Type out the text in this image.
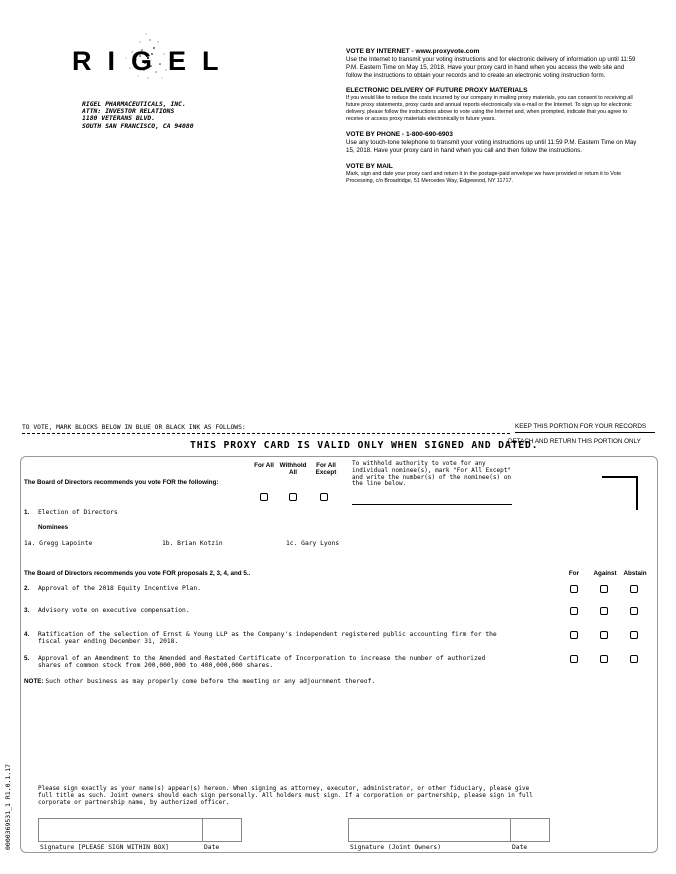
RIGEL
RIGEL PHARMACEUTICALS, INC.
ATTN: INVESTOR RELATIONS
1180 VETERANS BLVD.
SOUTH SAN FRANCISCO, CA 94080
VOTE BY INTERNET - www.proxyvote.com

Use the Internet to transmit your voting instructions and for electronic delivery of information up until 11:59 P.M. Eastern Time on May 15, 2018. Have your proxy card in hand when you access the web site and follow the instructions to obtain your records and to create an electronic voting instruction form.

ELECTRONIC DELIVERY OF FUTURE PROXY MATERIALS

If you would like to reduce the costs incurred by our company in mailing proxy materials, you can consent to receiving all future proxy statements, proxy cards and annual reports electronically via e-mail or the Internet. To sign up for electronic delivery, please follow the instructions above to vote using the Internet and, when prompted, indicate that you agree to receive or access proxy materials electronically in future years.

VOTE BY PHONE - 1-800-690-6903

Use any touch-tone telephone to transmit your voting instructions up until 11:59 P.M. Eastern Time on May 15, 2018. Have your proxy card in hand when you call and then follow the instructions.

VOTE BY MAIL

Mark, sign and date your proxy card and return it in the postage-paid envelope we have provided or return it to Vote Processing, c/o Broadridge, 51 Mercedes Way, Edgewood, NY 11717.

TO VOTE, MARK BLOCKS BELOW IN BLUE OR BLACK INK AS FOLLOWS:	KEEP THIS PORTION FOR YOUR RECORDS
DETACH AND RETURN THIS PORTION ONLY
THIS PROXY CARD IS VALID ONLY WHEN SIGNED AND DATED.
The Board of Directors recommends you vote FOR the following:
For All Withhold All
For All Except
To withhold authority to vote for any individual nominee(s), mark "For All Except" and write the number(s) of the nominee(s) on the line below.
1. Election of Directors
Nominees
1a. Gregg Lapointe	1b. Brian Kotzin	1c. Gary Lyons
The Board of Directors recommends you vote FOR proposals 2, 3, 4, and 5..	For	Against	Abstain
2. Approval of the 2018 Equity Incentive Plan.
3. Advisory vote on executive compensation.
4. Ratification of the selection of Ernst & Young LLP as the Company's independent registered public accounting firm for the fiscal year ending December 31, 2018.
5. Approval of an Amendment to the Amended and Restated Certificate of Incorporation to increase the number of authorized shares of common stock from 200,000,000 to 400,000,000 shares.
NOTE: Such other business as may properly come before the meeting or any adjournment thereof.
Please sign exactly as your name(s) appear(s) hereon. When signing as attorney, executor, administrator, or other fiduciary, please give full title as such. Joint owners should each sign personally. All holders must sign. If a corporation or partnership, please sign in full corporate or partnership name, by authorized officer.
Signature [PLEASE SIGN WITHIN BOX]	Date	Signature (Joint Owners)	Date
0000369531_1 R1.0.1.17
